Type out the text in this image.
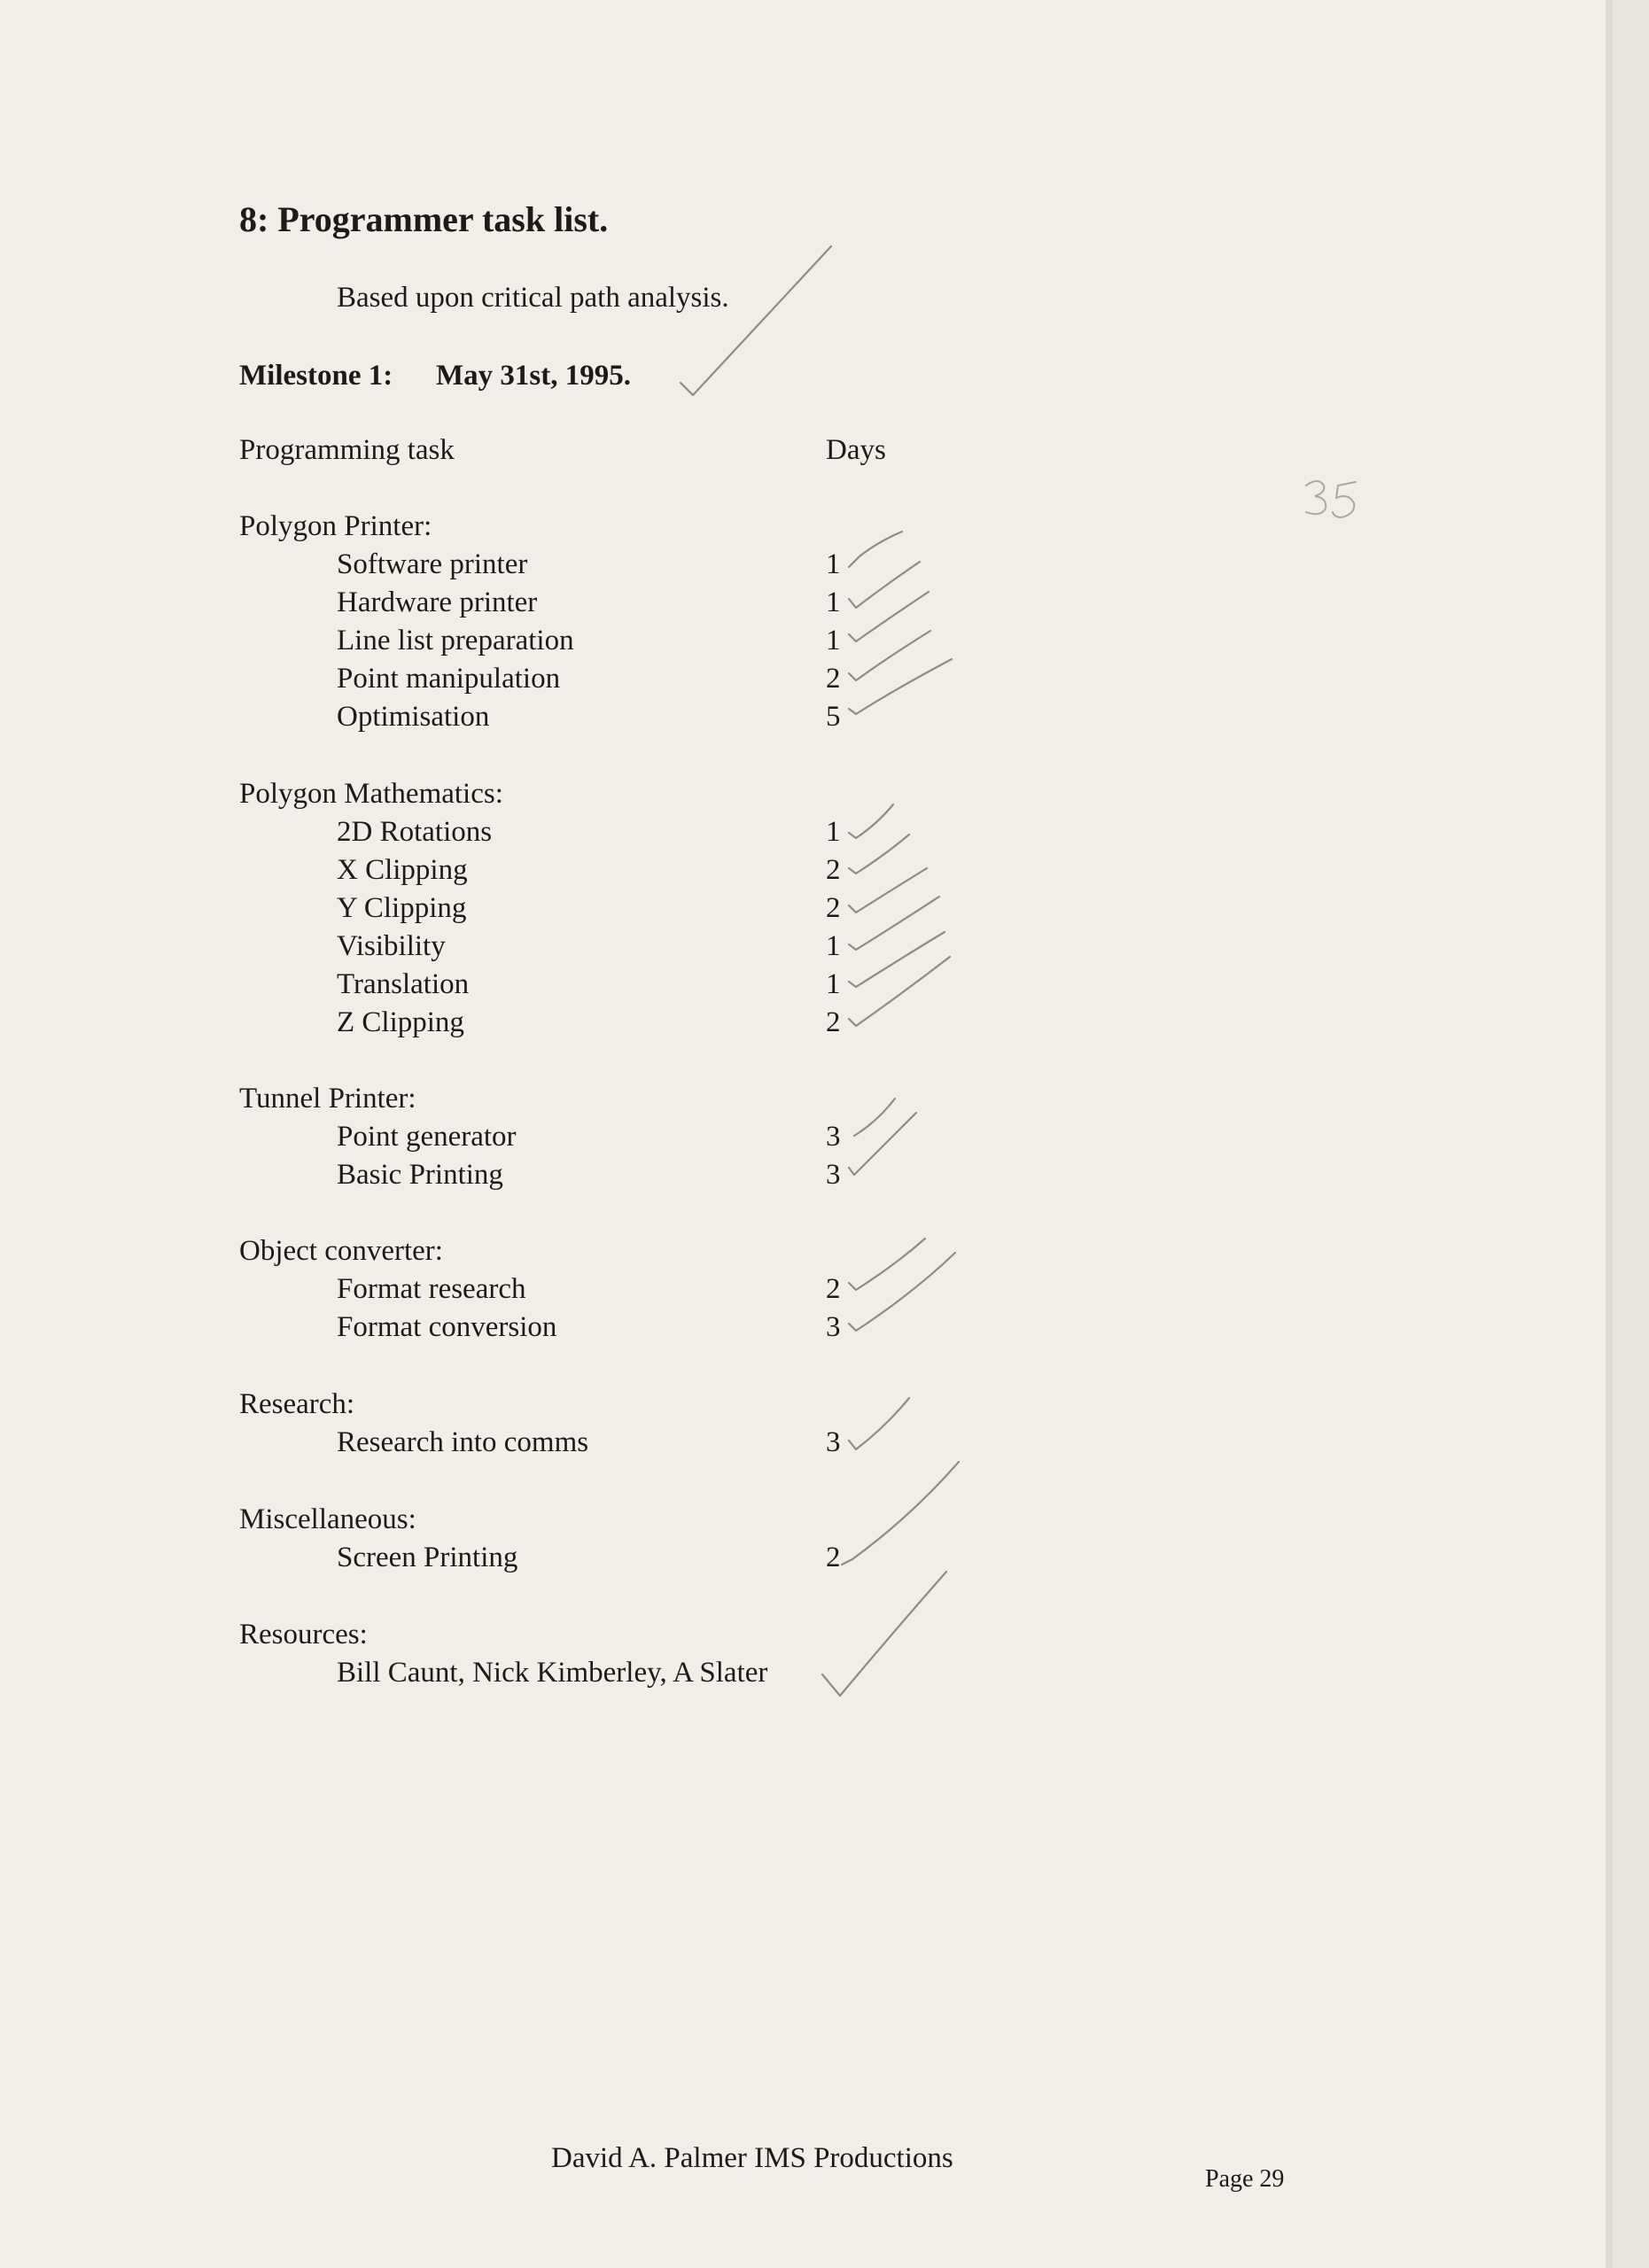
8: Programmer task list.
Based upon critical path analysis.
Milestone 1: May 31st, 1995.
Programming task	Days
Polygon Printer:
Software printer	1
Hardware printer	1
Line list preparation	1
Point manipulation	2
Optimisation	5
Polygon Mathematics:
2D Rotations	1
X Clipping	2
Y Clipping	2
Visibility	1
Translation	1
Z Clipping	2
Tunnel Printer:
Point generator	3
Basic Printing	3
Object converter:
Format research	2
Format conversion	3
Research:
Research into comms	3
Miscellaneous:
Screen Printing	2
Resources:
Bill Caunt, Nick Kimberley, A Slater
David A. Palmer IMS Productions
Page 29
